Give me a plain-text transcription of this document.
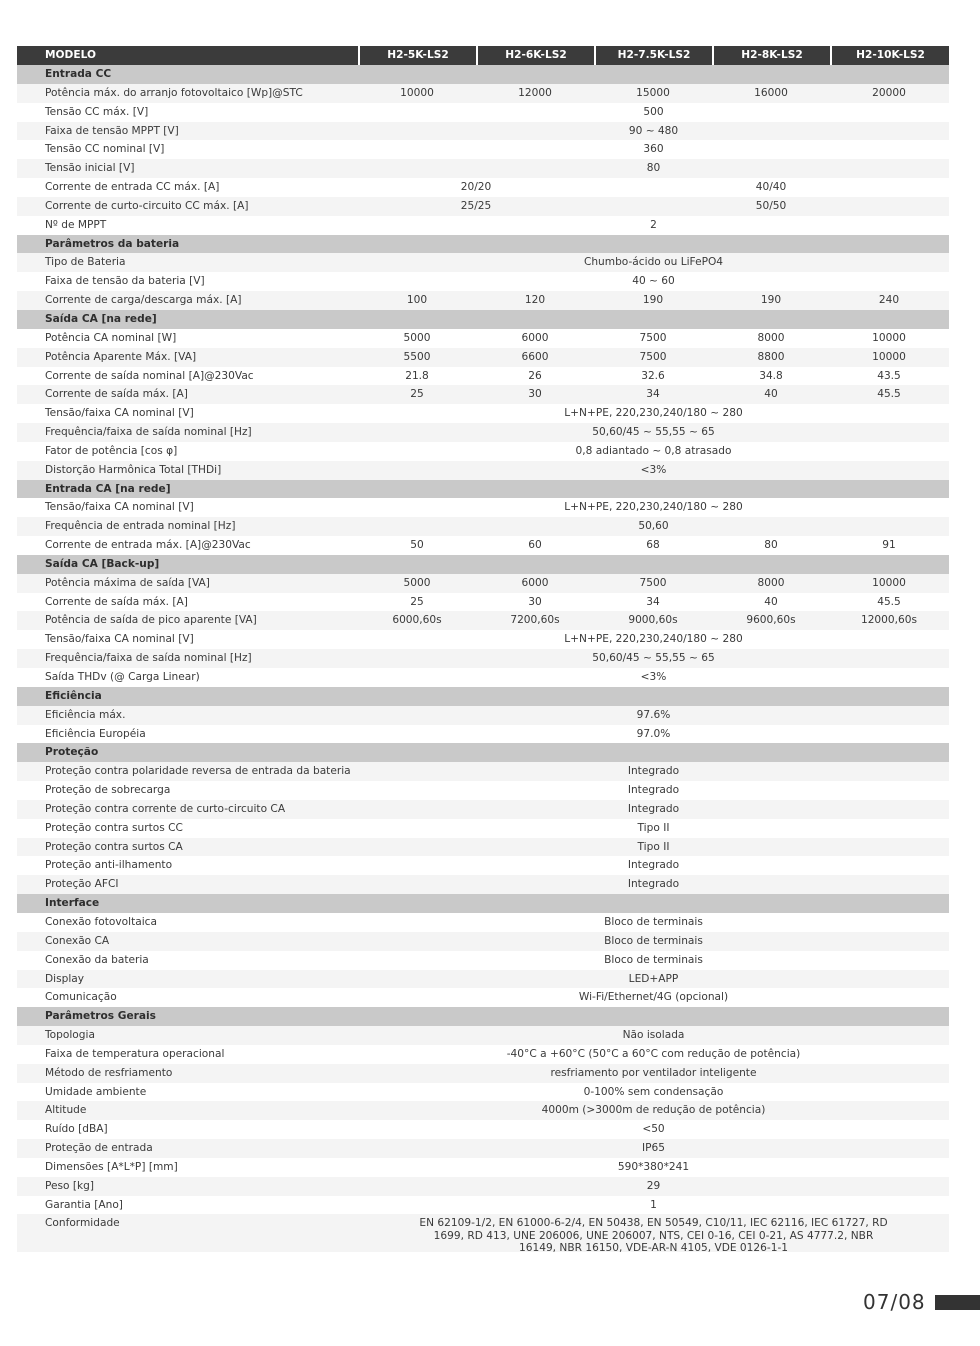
MODELO	H2-5K-LS2	H2-6K-LS2	H2-7.5K-LS2	H2-8K-LS2	H2-10K-LS2
Entrada CC
Potência máx. do arranjo fotovoltaico [Wp]@STC	10000	12000	15000	16000	20000
Tensão CC máx. [V]	500
Faixa de tensão MPPT [V]	90 ~ 480
Tensão CC nominal [V]	360
Tensão inicial [V]	80
Corrente de entrada CC máx. [A]	20/20	40/40
Corrente de curto-circuito CC máx. [A]	25/25	50/50
Nº de MPPT	2
Parâmetros da bateria
Tipo de Bateria	Chumbo-ácido ou LiFePO4
Faixa de tensão da bateria [V]	40 ~ 60
Corrente de carga/descarga máx. [A]	100	120	190	190	240
Saída CA [na rede]
Potência CA nominal [W]	5000	6000	7500	8000	10000
Potência Aparente Máx. [VA]	5500	6600	7500	8800	10000
Corrente de saída nominal [A]@230Vac	21.8	26	32.6	34.8	43.5
Corrente de saída máx. [A]	25	30	34	40	45.5
Tensão/faixa CA nominal [V]	L+N+PE, 220,230,240/180 ~ 280
Frequência/faixa de saída nominal [Hz]	50,60/45 ~ 55,55 ~ 65
Fator de potência [cos φ]	0,8 adiantado ~ 0,8 atrasado
Distorção Harmônica Total [THDi]	<3%
Entrada CA [na rede]
Tensão/faixa CA nominal [V]	L+N+PE, 220,230,240/180 ~ 280
Frequência de entrada nominal [Hz]	50,60
Corrente de entrada máx. [A]@230Vac	50	60	68	80	91
Saída CA [Back-up]
Potência máxima de saída [VA]	5000	6000	7500	8000	10000
Corrente de saída máx. [A]	25	30	34	40	45.5
Potência de saída de pico aparente [VA]	6000,60s	7200,60s	9000,60s	9600,60s	12000,60s
Tensão/faixa CA nominal [V]	L+N+PE, 220,230,240/180 ~ 280
Frequência/faixa de saída nominal [Hz]	50,60/45 ~ 55,55 ~ 65
Saída THDv (@ Carga Linear)	<3%
Eficiência
Eficiência máx.	97.6%
Eficiência Européia	97.0%
Proteção
Proteção contra polaridade reversa de entrada da bateria	Integrado
Proteção de sobrecarga	Integrado
Proteção contra corrente de curto-circuito CA	Integrado
Proteção contra surtos CC	Tipo II
Proteção contra surtos CA	Tipo II
Proteção anti-ilhamento	Integrado
Proteção AFCI	Integrado
Interface
Conexão fotovoltaica	Bloco de terminais
Conexão CA	Bloco de terminais
Conexão da bateria	Bloco de terminais
Display	LED+APP
Comunicação	Wi-Fi/Ethernet/4G (opcional)
Parâmetros Gerais
Topologia	Não isolada
Faixa de temperatura operacional	-40°C a +60°C (50°C a 60°C com redução de potência)
Método de resfriamento	resfriamento por ventilador inteligente
Umidade ambiente	0-100% sem condensação
Altitude	4000m (>3000m de redução de potência)
Ruído [dBA]	<50
Proteção de entrada	IP65
Dimensões [A*L*P] [mm]	590*380*241
Peso [kg]	29
Garantia [Ano]	1
Conformidade	EN 62109-1/2, EN 61000-6-2/4, EN 50438, EN 50549, C10/11, IEC 62116, IEC 61727, RD 1699, RD 413, UNE 206006, UNE 206007, NTS, CEI 0-16, CEI 0-21, AS 4777.2, NBR 16149, NBR 16150, VDE-AR-N 4105, VDE 0126-1-1
07/08
